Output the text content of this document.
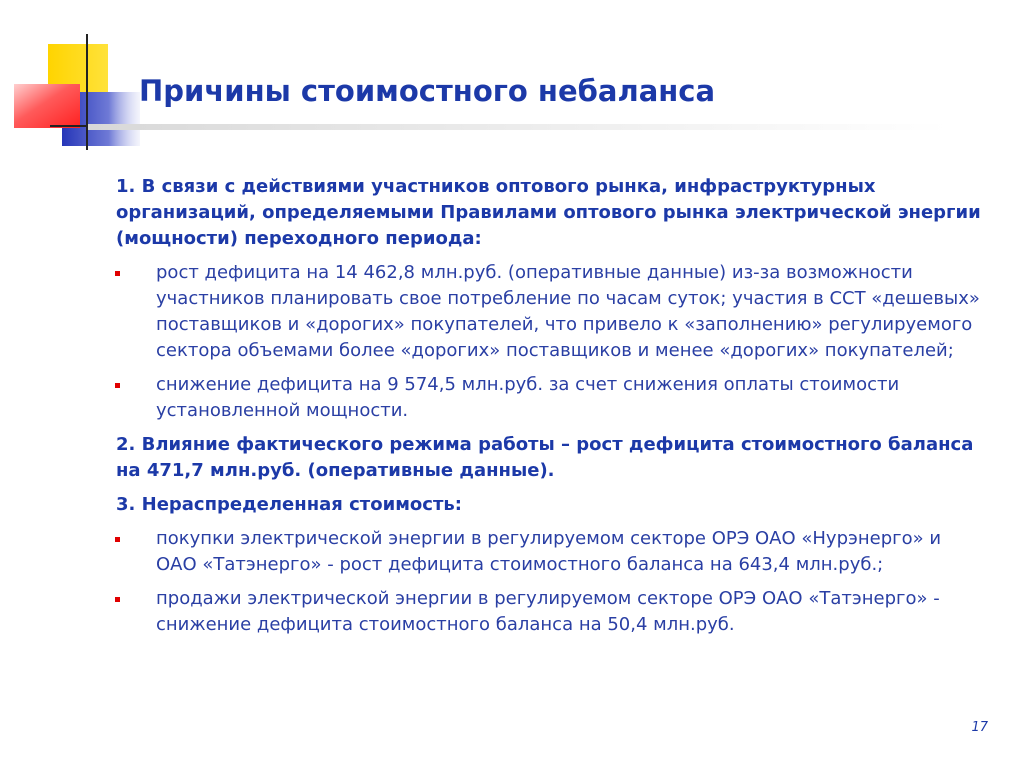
Причины стоимостного небаланса

1. В связи с действиями участников оптового рынка, инфраструктурных организаций, определяемыми Правилами оптового рынка электрической энергии (мощности) переходного периода:

рост дефицита на 14 462,8 млн.руб. (оперативные данные) из-за возможности участников планировать свое потребление по часам суток; участия в ССТ «дешевых» поставщиков и «дорогих» покупателей, что привело к «заполнению» регулируемого сектора объемами более «дорогих» поставщиков и менее «дорогих» покупателей;

снижение дефицита на 9 574,5 млн.руб. за счет снижения оплаты стоимости установленной мощности.

2. Влияние фактического режима работы – рост дефицита стоимостного баланса на 471,7 млн.руб. (оперативные данные).

3. Нераспределенная стоимость:

покупки электрической энергии в регулируемом секторе ОРЭ ОАО «Нурэнерго» и ОАО «Татэнерго» - рост дефицита стоимостного баланса на 643,4 млн.руб.;

продажи электрической энергии в регулируемом секторе ОРЭ ОАО «Татэнерго» - снижение дефицита стоимостного баланса на 50,4 млн.руб.

17
